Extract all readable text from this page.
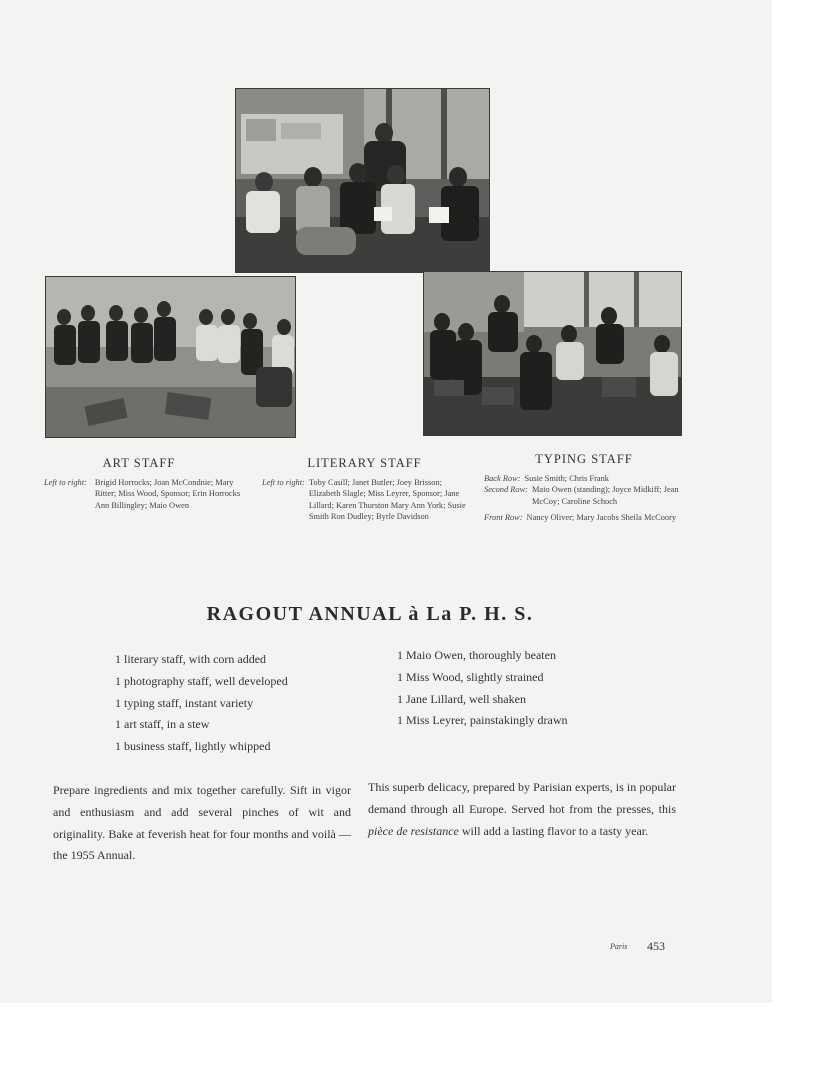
ART STAFF
Left to right: Brigid Horrocks; Joan McCondnie; Mary Ritter; Miss Wood, Sponsor; Erin Horrocks Ann Billingley; Maio Owen
LITERARY STAFF
Left to right: Toby Casill; Janet Butler; Joey Brisson; Elizabeth Slagle; Miss Leyrer, Sponsor; Jane Lillard; Karen Thurston Mary Ann York; Susie Smith Ron Dudley; Byrle Davidson
TYPING STAFF
Back Row: Susie Smith; Chris Frank
Second Row: Maio Owen (standing); Joyce Midkiff; Jean McCoy; Caroline Schoch
Front Row: Nancy Oliver; Mary Jacobs Sheila McCoory
RAGOUT ANNUAL à La P. H. S.
1 literary staff, with corn added
1 photography staff, well developed
1 typing staff, instant variety
1 art staff, in a stew
1 business staff, lightly whipped
1 Maio Owen, thoroughly beaten
1 Miss Wood, slightly strained
1 Jane Lillard, well shaken
1 Miss Leyrer, painstakingly drawn

Prepare ingredients and mix together carefully. Sift in vigor and enthusiasm and add several pinches of wit and originality. Bake at feverish heat for four months and voilà — the 1955 Annual.

This superb delicacy, prepared by Parisian experts, is in popular demand through all Europe. Served hot from the presses, this pièce de resistance will add a lasting flavor to a tasty year.

Paris 453
